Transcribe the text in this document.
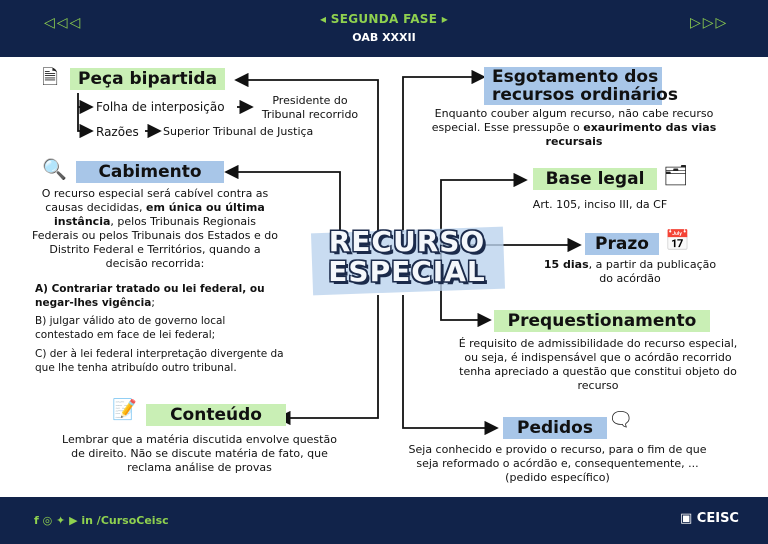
◁◁◁	▷▷▷
◂ SEGUNDA FASE ▸
OAB XXXII
RECURSO
ESPECIAL
🗎	Peça bipartida
Folha de interposição	Presidente do Tribunal recorrido
Razões Superior Tribunal de Justiça
🔍	Cabimento
O recurso especial será cabível contra as causas decididas, em única ou última instância, pelos Tribunais Regionais Federais ou pelos Tribunais dos Estados e do Distrito Federal e Territórios, quando a decisão recorrida:
A) Contrariar tratado ou lei federal, ou negar-lhes vigência;
B) julgar válido ato de governo local contestado em face de lei federal;
C) der à lei federal interpretação divergente da que lhe tenha atribuído outro tribunal.
📝	Conteúdo
Lembrar que a matéria discutida envolve questão de direito. Não se discute matéria de fato, que reclama análise de provas
Esgotamento dos
recursos ordinários
Enquanto couber algum recurso, não cabe recurso especial. Esse pressupõe o exaurimento das vias recursais
Base legal 🗂
Art. 105, inciso III, da CF
Prazo 📅
15 dias, a partir da publicação do acórdão
Prequestionamento
É requisito de admissibilidade do recurso especial, ou seja, é indispensável que o acórdão recorrido tenha apreciado a questão que constitui objeto do recurso
Pedidos 🗨
Seja conhecido e provido o recurso, para o fim de que seja reformado o acórdão e, consequentemente, ... (pedido específico)
f ◎ ✦ ▶ in /CursoCeisc	▣ CEISC
